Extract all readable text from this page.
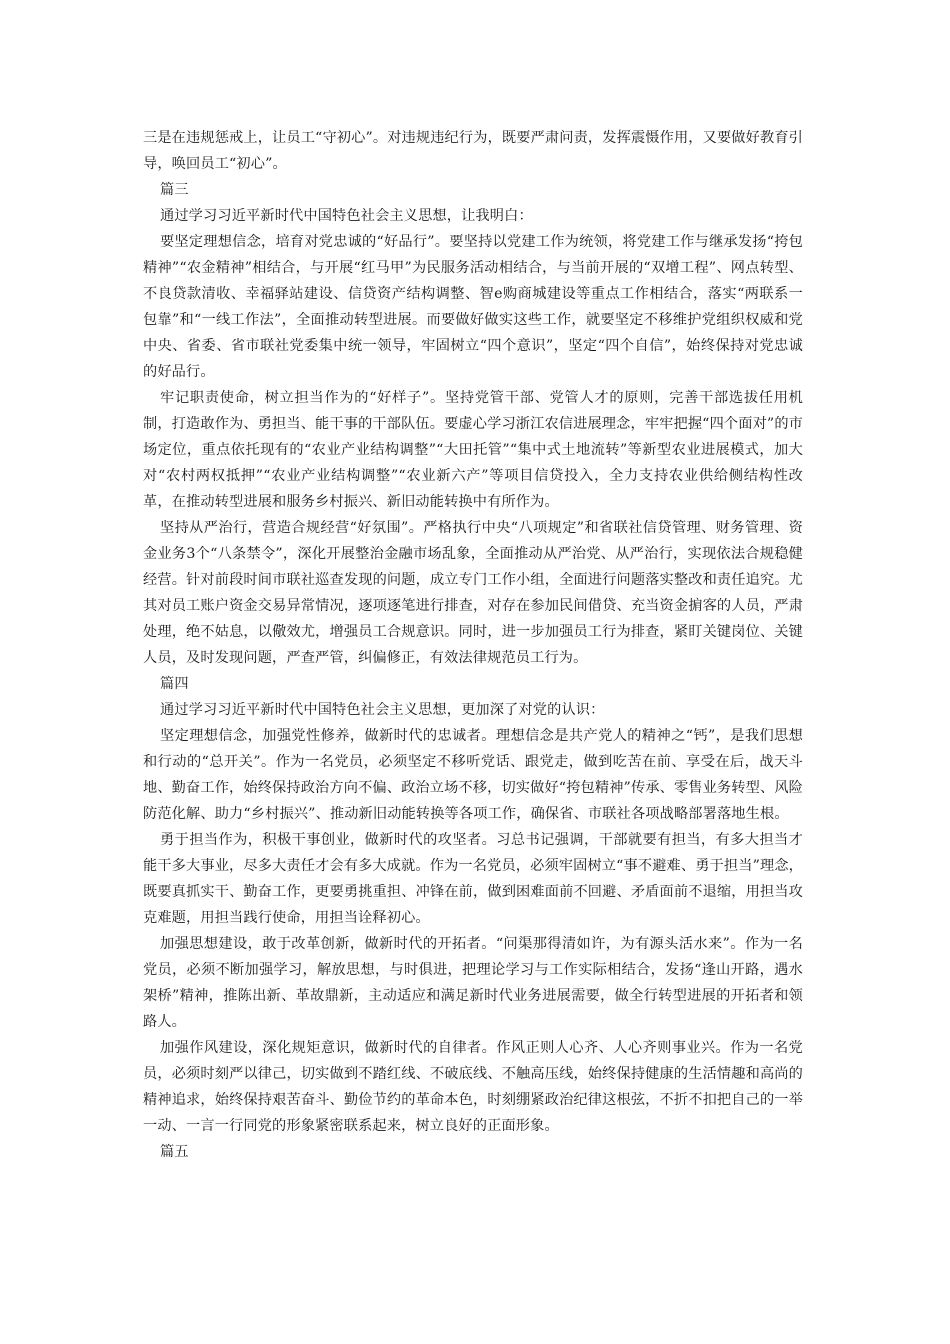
三是在违规惩戒上，让员工“守初心”。对违规违纪行为，既要严肃问责，发挥震慑作用，又要做好教育引导，唤回员工“初心”。

篇三

通过学习习近平新时代中国特色社会主义思想，让我明白：

要坚定理想信念，培育对党忠诚的“好品行”。要坚持以党建工作为统领，将党建工作与继承发扬“挎包精神”“农金精神”相结合，与开展“红马甲”为民服务活动相结合，与当前开展的“双增工程”、网点转型、不良贷款清收、幸福驿站建设、信贷资产结构调整、智e购商城建设等重点工作相结合，落实“两联系一包靠”和“一线工作法”，全面推动转型进展。而要做好做实这些工作，就要坚定不移维护党组织权威和党中央、省委、省市联社党委集中统一领导，牢固树立“四个意识”，坚定“四个自信”，始终保持对党忠诚的好品行。

牢记职责使命，树立担当作为的“好样子”。坚持党管干部、党管人才的原则，完善干部选拔任用机制，打造敢作为、勇担当、能干事的干部队伍。要虚心学习浙江农信进展理念，牢牢把握“四个面对”的市场定位，重点依托现有的“农业产业结构调整”“大田托管”“集中式土地流转”等新型农业进展模式，加大对“农村两权抵押”“农业产业结构调整”“农业新六产”等项目信贷投入，全力支持农业供给侧结构性改革，在推动转型进展和服务乡村振兴、新旧动能转换中有所作为。

坚持从严治行，营造合规经营“好氛围”。严格执行中央“八项规定”和省联社信贷管理、财务管理、资金业务3个“八条禁令”，深化开展整治金融市场乱象，全面推动从严治党、从严治行，实现依法合规稳健经营。针对前段时间市联社巡查发现的问题，成立专门工作小组，全面进行问题落实整改和责任追究。尤其对员工账户资金交易异常情况，逐项逐笔进行排查，对存在参加民间借贷、充当资金掮客的人员，严肃处理，绝不姑息，以儆效尤，增强员工合规意识。同时，进一步加强员工行为排查，紧盯关键岗位、关键人员，及时发现问题，严查严管，纠偏修正，有效法律规范员工行为。

篇四

通过学习习近平新时代中国特色社会主义思想，更加深了对党的认识：

坚定理想信念，加强党性修养，做新时代的忠诚者。理想信念是共产党人的精神之“钙”，是我们思想和行动的“总开关”。作为一名党员，必须坚定不移听党话、跟党走，做到吃苦在前、享受在后，战天斗地、勤奋工作，始终保持政治方向不偏、政治立场不移，切实做好“挎包精神”传承、零售业务转型、风险防范化解、助力“乡村振兴”、推动新旧动能转换等各项工作，确保省、市联社各项战略部署落地生根。

勇于担当作为，积极干事创业，做新时代的攻坚者。习总书记强调，干部就要有担当，有多大担当才能干多大事业，尽多大责任才会有多大成就。作为一名党员，必须牢固树立“事不避难、勇于担当”理念，既要真抓实干、勤奋工作，更要勇挑重担、冲锋在前，做到困难面前不回避、矛盾面前不退缩，用担当攻克难题，用担当践行使命，用担当诠释初心。

加强思想建设，敢于改革创新，做新时代的开拓者。“问渠那得清如许，为有源头活水来”。作为一名党员，必须不断加强学习，解放思想，与时俱进，把理论学习与工作实际相结合，发扬“逢山开路，遇水架桥”精神，推陈出新、革故鼎新，主动适应和满足新时代业务进展需要，做全行转型进展的开拓者和领路人。

加强作风建设，深化规矩意识，做新时代的自律者。作风正则人心齐、人心齐则事业兴。作为一名党员，必须时刻严以律己，切实做到不踏红线、不破底线、不触高压线，始终保持健康的生活情趣和高尚的精神追求，始终保持艰苦奋斗、勤俭节约的革命本色，时刻绷紧政治纪律这根弦，不折不扣把自己的一举一动、一言一行同党的形象紧密联系起来，树立良好的正面形象。

篇五
